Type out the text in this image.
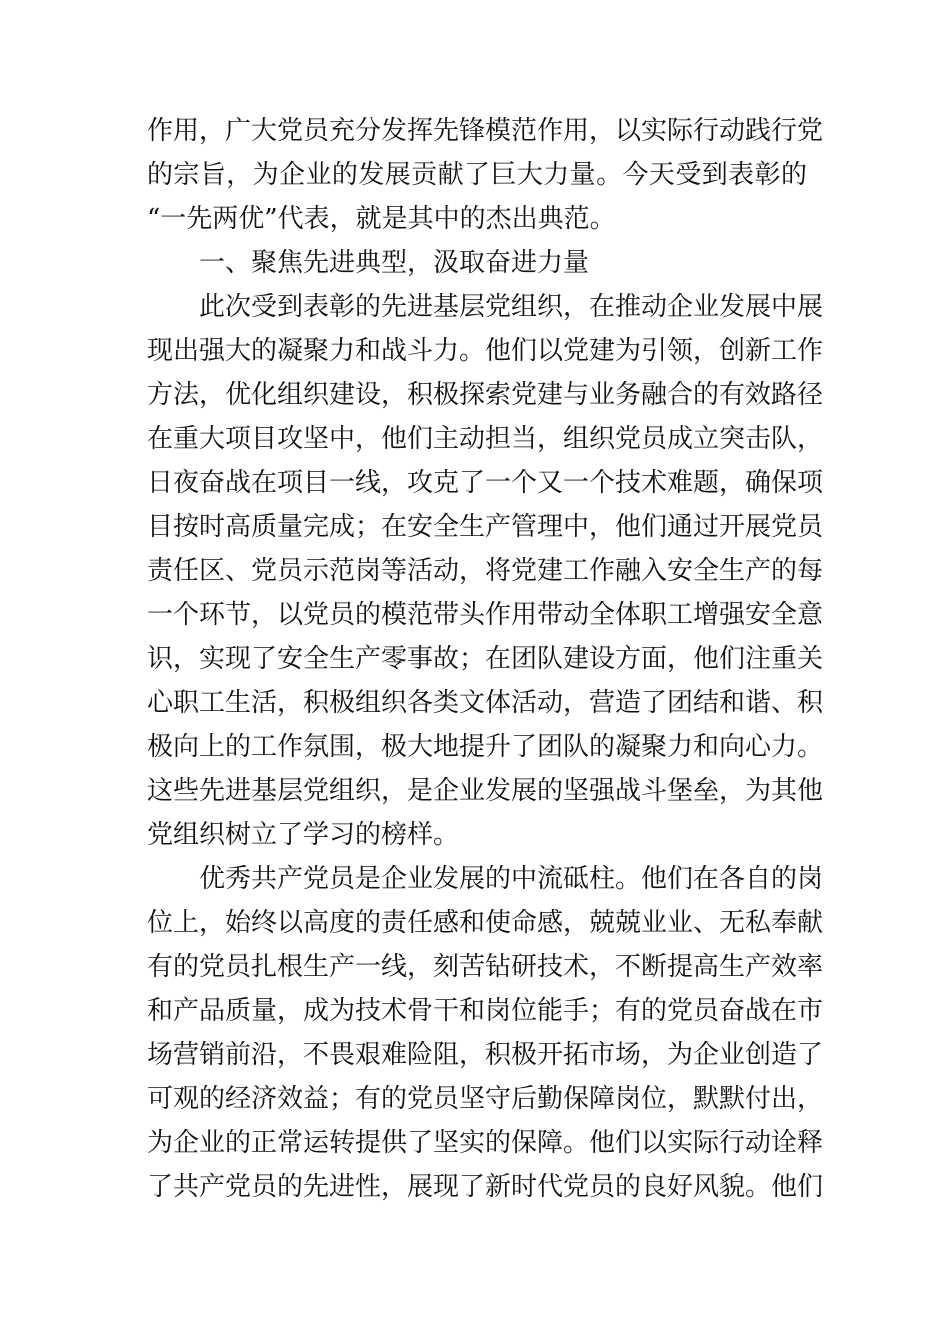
作用，广大党员充分发挥先锋模范作用，以实际行动践行党
的宗旨，为企业的发展贡献了巨大力量。今天受到表彰的
“一先两优”代表，就是其中的杰出典范。
一、聚焦先进典型，汲取奋进力量
此次受到表彰的先进基层党组织，在推动企业发展中展
现出强大的凝聚力和战斗力。他们以党建为引领，创新工作
方法，优化组织建设，积极探索党建与业务融合的有效路径
在重大项目攻坚中，他们主动担当，组织党员成立突击队，
日夜奋战在项目一线，攻克了一个又一个技术难题，确保项
目按时高质量完成；在安全生产管理中，他们通过开展党员
责任区、党员示范岗等活动，将党建工作融入安全生产的每
一个环节，以党员的模范带头作用带动全体职工增强安全意
识，实现了安全生产零事故；在团队建设方面，他们注重关
心职工生活，积极组织各类文体活动，营造了团结和谐、积
极向上的工作氛围，极大地提升了团队的凝聚力和向心力。
这些先进基层党组织，是企业发展的坚强战斗堡垒，为其他
党组织树立了学习的榜样。
优秀共产党员是企业发展的中流砥柱。他们在各自的岗
位上，始终以高度的责任感和使命感，兢兢业业、无私奉献
有的党员扎根生产一线，刻苦钻研技术，不断提高生产效率
和产品质量，成为技术骨干和岗位能手；有的党员奋战在市
场营销前沿，不畏艰难险阻，积极开拓市场，为企业创造了
可观的经济效益；有的党员坚守后勤保障岗位，默默付出，
为企业的正常运转提供了坚实的保障。他们以实际行动诠释
了共产党员的先进性，展现了新时代党员的良好风貌。他们
